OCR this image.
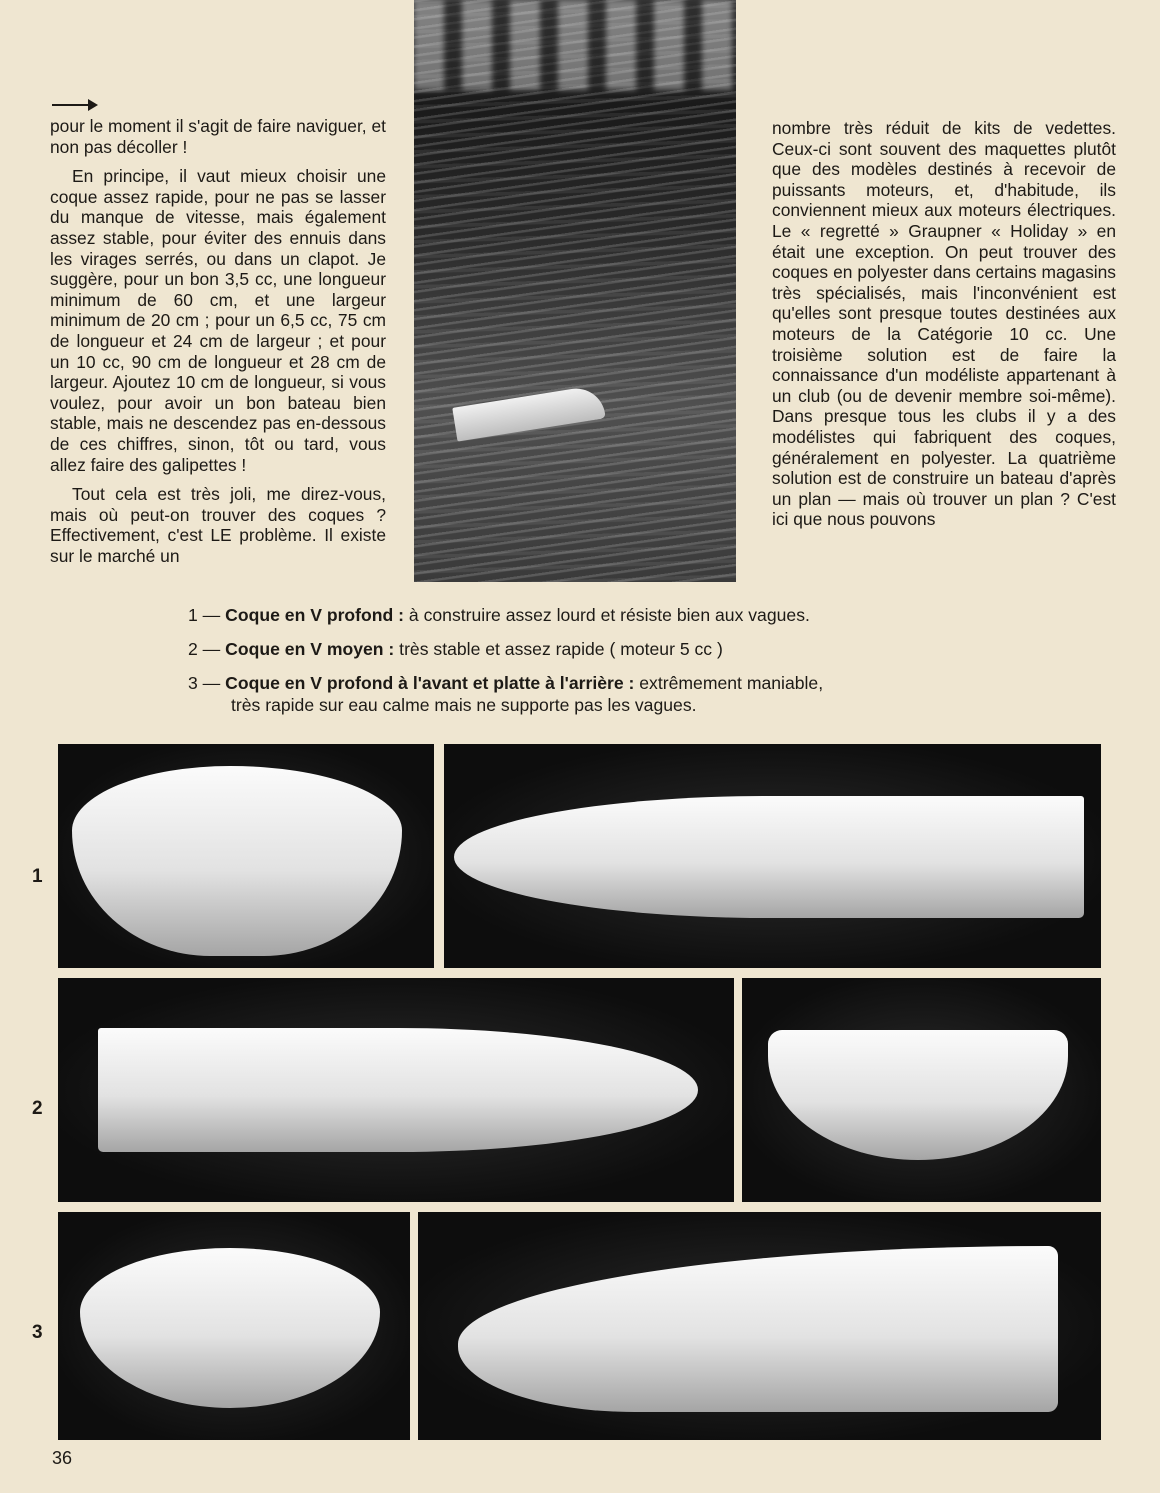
pour le moment il s'agit de faire naviguer, et non pas décoller !

En principe, il vaut mieux choisir une coque assez rapide, pour ne pas se lasser du manque de vitesse, mais également assez stable, pour éviter des ennuis dans les virages serrés, ou dans un clapot. Je suggère, pour un bon 3,5 cc, une longueur minimum de 60 cm, et une largeur minimum de 20 cm ; pour un 6,5 cc, 75 cm de longueur et 24 cm de largeur ; et pour un 10 cc, 90 cm de longueur et 28 cm de largeur. Ajoutez 10 cm de longueur, si vous voulez, pour avoir un bon bateau bien stable, mais ne descendez pas en-dessous de ces chiffres, sinon, tôt ou tard, vous allez faire des galipettes !

Tout cela est très joli, me direz-vous, mais où peut-on trouver des coques ? Effectivement, c'est LE problème. Il existe sur le marché un

nombre très réduit de kits de vedettes. Ceux-ci sont souvent des maquettes plutôt que des modèles destinés à recevoir de puissants moteurs, et, d'habitude, ils conviennent mieux aux moteurs électriques. Le « regretté » Graupner « Holiday » en était une exception. On peut trouver des coques en polyester dans certains magasins très spécialisés, mais l'inconvénient est qu'elles sont presque toutes destinées aux moteurs de la Catégorie 10 cc. Une troisième solution est de faire la connaissance d'un modéliste appartenant à un club (ou de devenir membre soi-même). Dans presque tous les clubs il y a des modélistes qui fabriquent des coques, généralement en polyester. La quatrième solution est de construire un bateau d'après un plan — mais où trouver un plan ? C'est ici que nous pouvons

1 — Coque en V profond : à construire assez lourd et résiste bien aux vagues.
2 — Coque en V moyen : très stable et assez rapide ( moteur 5 cc )
3 — Coque en V profond à l'avant et platte à l'arrière : extrêmement maniable,
très rapide sur eau calme mais ne supporte pas les vagues.
1
2
3
36
